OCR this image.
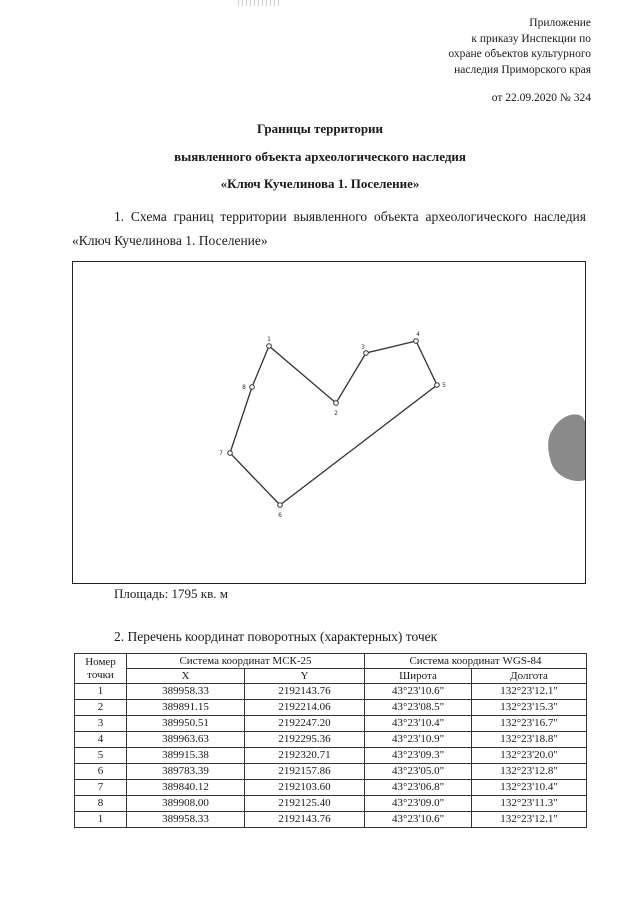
Приложение
к приказу Инспекции по
охране объектов культурного
наследия Приморского края
от 22.09.2020 № 324
Границы территории
выявленного объекта археологического наследия
«Ключ Кучелинова 1. Поселение»
1. Схема границ территории выявленного объекта археологического наследия «Ключ Кучелинова 1. Поселение»
1
8
7
6
5
4
3
2
Площадь: 1795 кв. м
2. Перечень координат поворотных (характерных) точек
Номер
точки	Система координат МСК-25		Система координат WGS-84	
	X	Y	Широта	Долгота
1	389958.33	2192143.76	43°23'10.6"	132°23'12.1"
2	389891.15	2192214.06	43°23'08.5"	132°23'15.3"
3	389950.51	2192247.20	43°23'10.4"	132°23'16.7"
4	389963.63	2192295.36	43°23'10.9"	132°23'18.8"
5	389915.38	2192320.71	43°23'09.3"	132°23'20.0"
6	389783.39	2192157.86	43°23'05.0"	132°23'12.8"
7	389840.12	2192103.60	43°23'06.8"	132°23'10.4"
8	389908.00	2192125.40	43°23'09.0"	132°23'11.3"
1	389958.33	2192143.76	43°23'10.6"	132°23'12.1"
